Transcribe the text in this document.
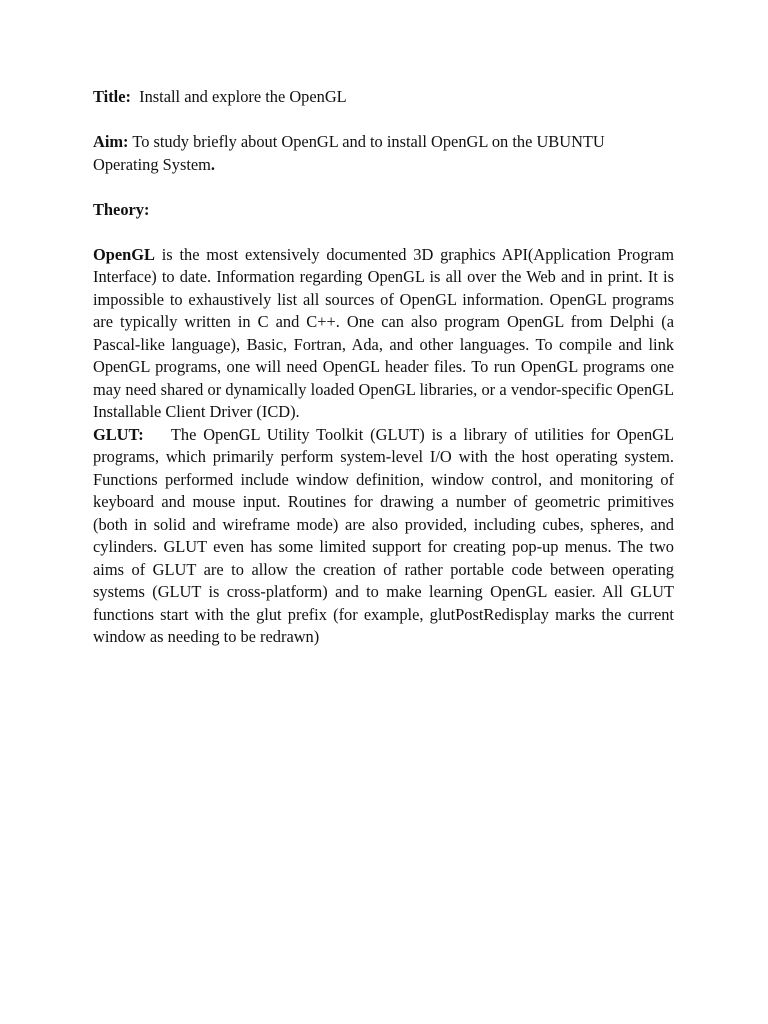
Title: Install and explore the OpenGL

Aim: To study briefly about OpenGL and to install OpenGL on the UBUNTU Operating System.

Theory:

OpenGL is the most extensively documented 3D graphics API(Application Program Interface) to date. Information regarding OpenGL is all over the Web and in print. It is impossible to exhaustively list all sources of OpenGL information. OpenGL programs are typically written in C and C++. One can also program OpenGL from Delphi (a Pascal-like language), Basic, Fortran, Ada, and other languages. To compile and link OpenGL programs, one will need OpenGL header files. To run OpenGL programs one may need shared or dynamically loaded OpenGL libraries, or a vendor-specific OpenGL Installable Client Driver (ICD).

GLUT: The OpenGL Utility Toolkit (GLUT) is a library of utilities for OpenGL programs, which primarily perform system-level I/O with the host operating system. Functions performed include window definition, window control, and monitoring of keyboard and mouse input. Routines for drawing a number of geometric primitives (both in solid and wireframe mode) are also provided, including cubes, spheres, and cylinders. GLUT even has some limited support for creating pop-up menus. The two aims of GLUT are to allow the creation of rather portable code between operating systems (GLUT is cross-platform) and to make learning OpenGL easier. All GLUT functions start with the glut prefix (for example, glutPostRedisplay marks the current window as needing to be redrawn)
